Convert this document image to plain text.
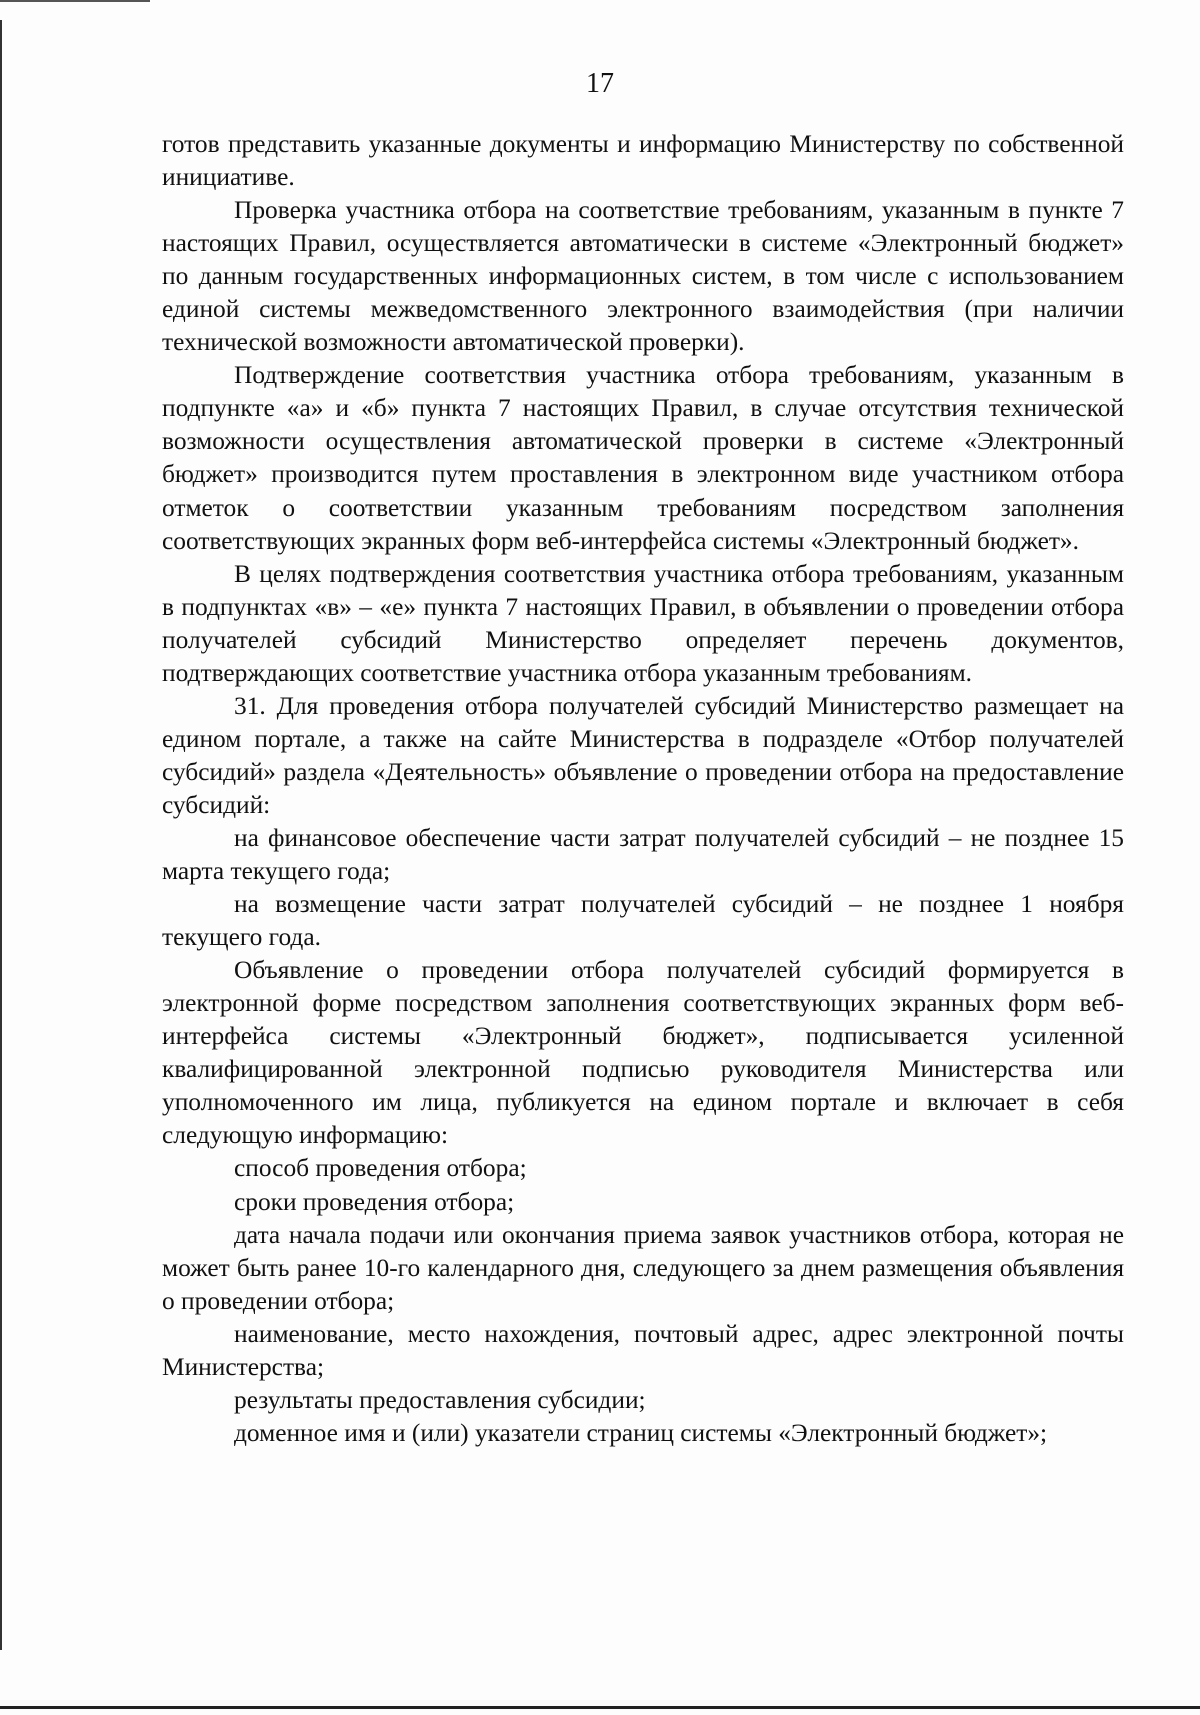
17

готов представить указанные документы и информацию Министерству по собственной инициативе.

Проверка участника отбора на соответствие требованиям, указанным в пункте 7 настоящих Правил, осуществляется автоматически в системе «Электронный бюджет» по данным государственных информационных систем, в том числе с использованием единой системы межведомственного электронного взаимодействия (при наличии технической возможности автоматической проверки).

Подтверждение соответствия участника отбора требованиям, указанным в подпункте «а» и «б» пункта 7 настоящих Правил, в случае отсутствия технической возможности осуществления автоматической проверки в системе «Электронный бюджет» производится путем проставления в электронном виде участником отбора отметок о соответствии указанным требованиям посредством заполнения соответствующих экранных форм веб-интерфейса системы «Электронный бюджет».

В целях подтверждения соответствия участника отбора требованиям, указанным в подпунктах «в» – «е» пункта 7 настоящих Правил, в объявлении о проведении отбора получателей субсидий Министерство определяет перечень документов, подтверждающих соответствие участника отбора указанным требованиям.

31. Для проведения отбора получателей субсидий Министерство размещает на едином портале, а также на сайте Министерства в подразделе «Отбор получателей субсидий» раздела «Деятельность» объявление о проведении отбора на предоставление субсидий:

на финансовое обеспечение части затрат получателей субсидий – не позднее 15 марта текущего года;

на возмещение части затрат получателей субсидий – не позднее 1 ноября текущего года.

Объявление о проведении отбора получателей субсидий формируется в электронной форме посредством заполнения соответствующих экранных форм веб-интерфейса системы «Электронный бюджет», подписывается усиленной квалифицированной электронной подписью руководителя Министерства или уполномоченного им лица, публикуется на едином портале и включает в себя следующую информацию:

способ проведения отбора;

сроки проведения отбора;

дата начала подачи или окончания приема заявок участников отбора, которая не может быть ранее 10-го календарного дня, следующего за днем размещения объявления о проведении отбора;

наименование, место нахождения, почтовый адрес, адрес электронной почты Министерства;

результаты предоставления субсидии;

доменное имя и (или) указатели страниц системы «Электронный бюджет»;
